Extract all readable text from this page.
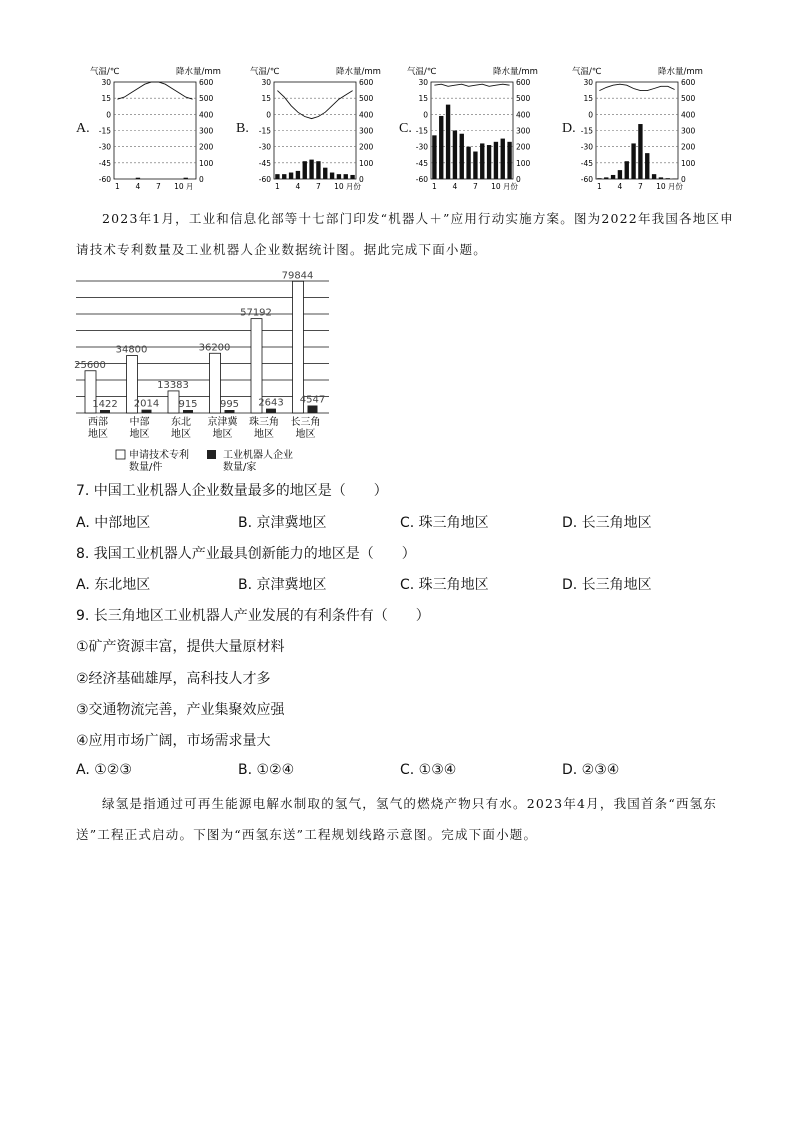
A.
气温/℃	降水量/mm
30	600
15	500
0	400
-15	300
-30	200
-45	100
-60	0
1 4 7 10 月
B.
气温/℃	降水量/mm
30	600
15	500
0	400
-15	300
-30	200
-45	100
-60	0
1 4 7 10 月份
C.
气温/℃	降水量/mm
30	600
15	500
0	400
-15	300
-30	200
-45	100
-60	0
1 4 7 10 月份
D.
气温/℃	降水量/mm
30	600
15	500
0	400
-15	300
-30	200
-45	100
-60	0
1 4 7 10 月份
2023年1月，工业和信息化部等十七部门印发“机器人＋”应用行动实施方案。图为2022年我国各地区申请技术专利数量及工业机器人企业数据统计图。据此完成下面小题。
25600
1422
西部
地区
34800
2014
中部
地区
13383
915
东北
地区
36200
995
京津冀
地区
57192
2643
珠三角
地区
79844
4547
长三角
地区
申请技术专利
数量/件
工业机器人企业
数量/家
7. 中国工业机器人企业数量最多的地区是（　　）
A. 中部地区	B. 京津冀地区	C. 珠三角地区	D. 长三角地区
8. 我国工业机器人产业最具创新能力的地区是（　　）
A. 东北地区	B. 京津冀地区	C. 珠三角地区	D. 长三角地区
9. 长三角地区工业机器人产业发展的有利条件有（　　）
①矿产资源丰富，提供大量原材料
②经济基础雄厚，高科技人才多
③交通物流完善，产业集聚效应强
④应用市场广阔，市场需求量大
A. ①②③	B. ①②④	C. ①③④	D. ②③④
绿氢是指通过可再生能源电解水制取的氢气，氢气的燃烧产物只有水。2023年4月，我国首条“西氢东送”工程正式启动。下图为“西氢东送”工程规划线路示意图。完成下面小题。
